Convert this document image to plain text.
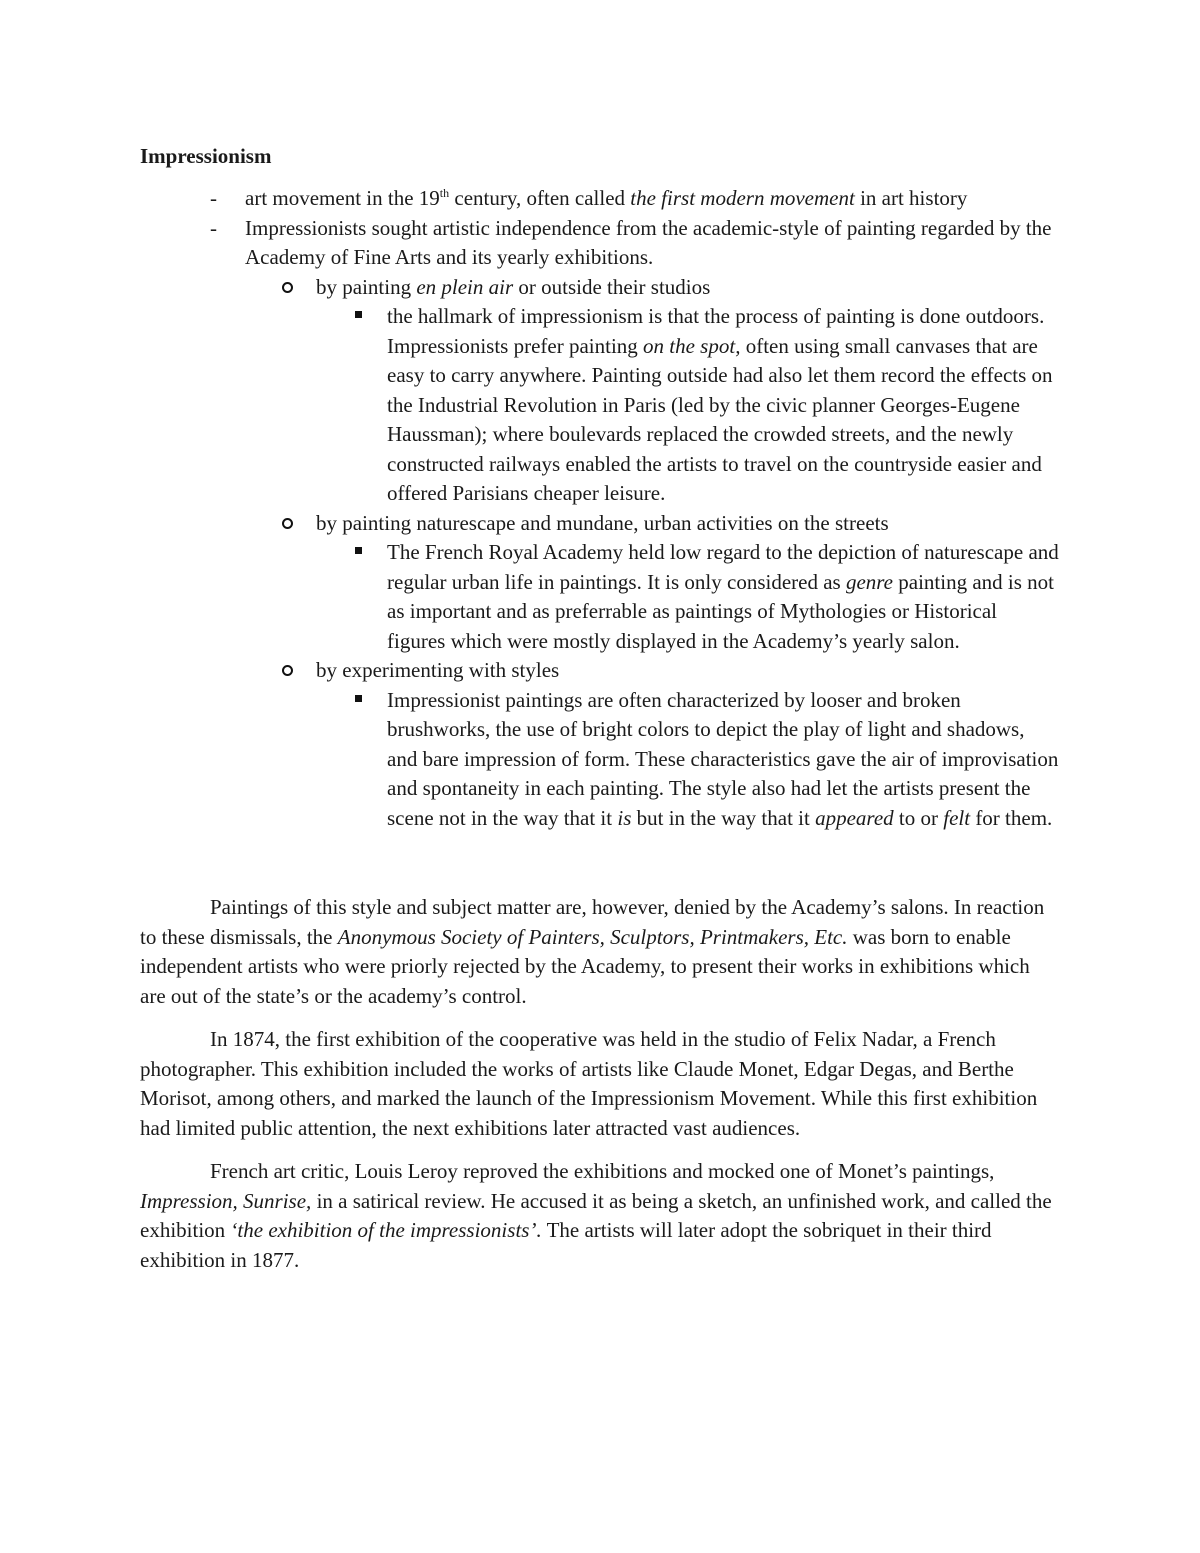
Impressionism
- art movement in the 19th century, often called the first modern movement in art history
- Impressionists sought artistic independence from the academic-style of painting regarded by the Academy of Fine Arts and its yearly exhibitions.
by painting en plein air or outside their studios
the hallmark of impressionism is that the process of painting is done outdoors. Impressionists prefer painting on the spot, often using small canvases that are easy to carry anywhere. Painting outside had also let them record the effects on the Industrial Revolution in Paris (led by the civic planner Georges-Eugene Haussman); where boulevards replaced the crowded streets, and the newly constructed railways enabled the artists to travel on the countryside easier and offered Parisians cheaper leisure.
by painting naturescape and mundane, urban activities on the streets
The French Royal Academy held low regard to the depiction of naturescape and regular urban life in paintings. It is only considered as genre painting and is not as important and as preferrable as paintings of Mythologies or Historical figures which were mostly displayed in the Academy’s yearly salon.
by experimenting with styles
Impressionist paintings are often characterized by looser and broken brushworks, the use of bright colors to depict the play of light and shadows, and bare impression of form. These characteristics gave the air of improvisation and spontaneity in each painting. The style also had let the artists present the scene not in the way that it is but in the way that it appeared to or felt for them.

Paintings of this style and subject matter are, however, denied by the Academy’s salons. In reaction to these dismissals, the Anonymous Society of Painters, Sculptors, Printmakers, Etc. was born to enable independent artists who were priorly rejected by the Academy, to present their works in exhibitions which are out of the state’s or the academy’s control.

In 1874, the first exhibition of the cooperative was held in the studio of Felix Nadar, a French photographer. This exhibition included the works of artists like Claude Monet, Edgar Degas, and Berthe Morisot, among others, and marked the launch of the Impressionism Movement. While this first exhibition had limited public attention, the next exhibitions later attracted vast audiences.

French art critic, Louis Leroy reproved the exhibitions and mocked one of Monet’s paintings, Impression, Sunrise, in a satirical review. He accused it as being a sketch, an unfinished work, and called the exhibition ‘the exhibition of the impressionists’. The artists will later adopt the sobriquet in their third exhibition in 1877.
